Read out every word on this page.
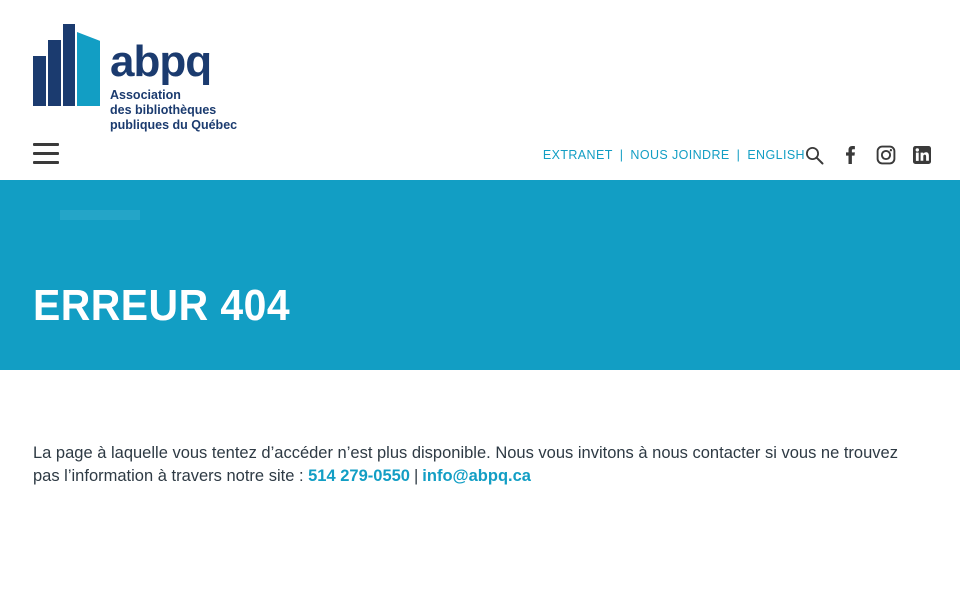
abpq
Association
des bibliothèques
publiques du Québec
EXTRANET | NOUS JOINDRE | ENGLISH
ERREUR 404

La page à laquelle vous tentez d’accéder n’est plus disponible. Nous vous invitons à nous contacter si vous ne trouvez pas l’information à travers notre site : 514 279-0550 | info@abpq.ca
